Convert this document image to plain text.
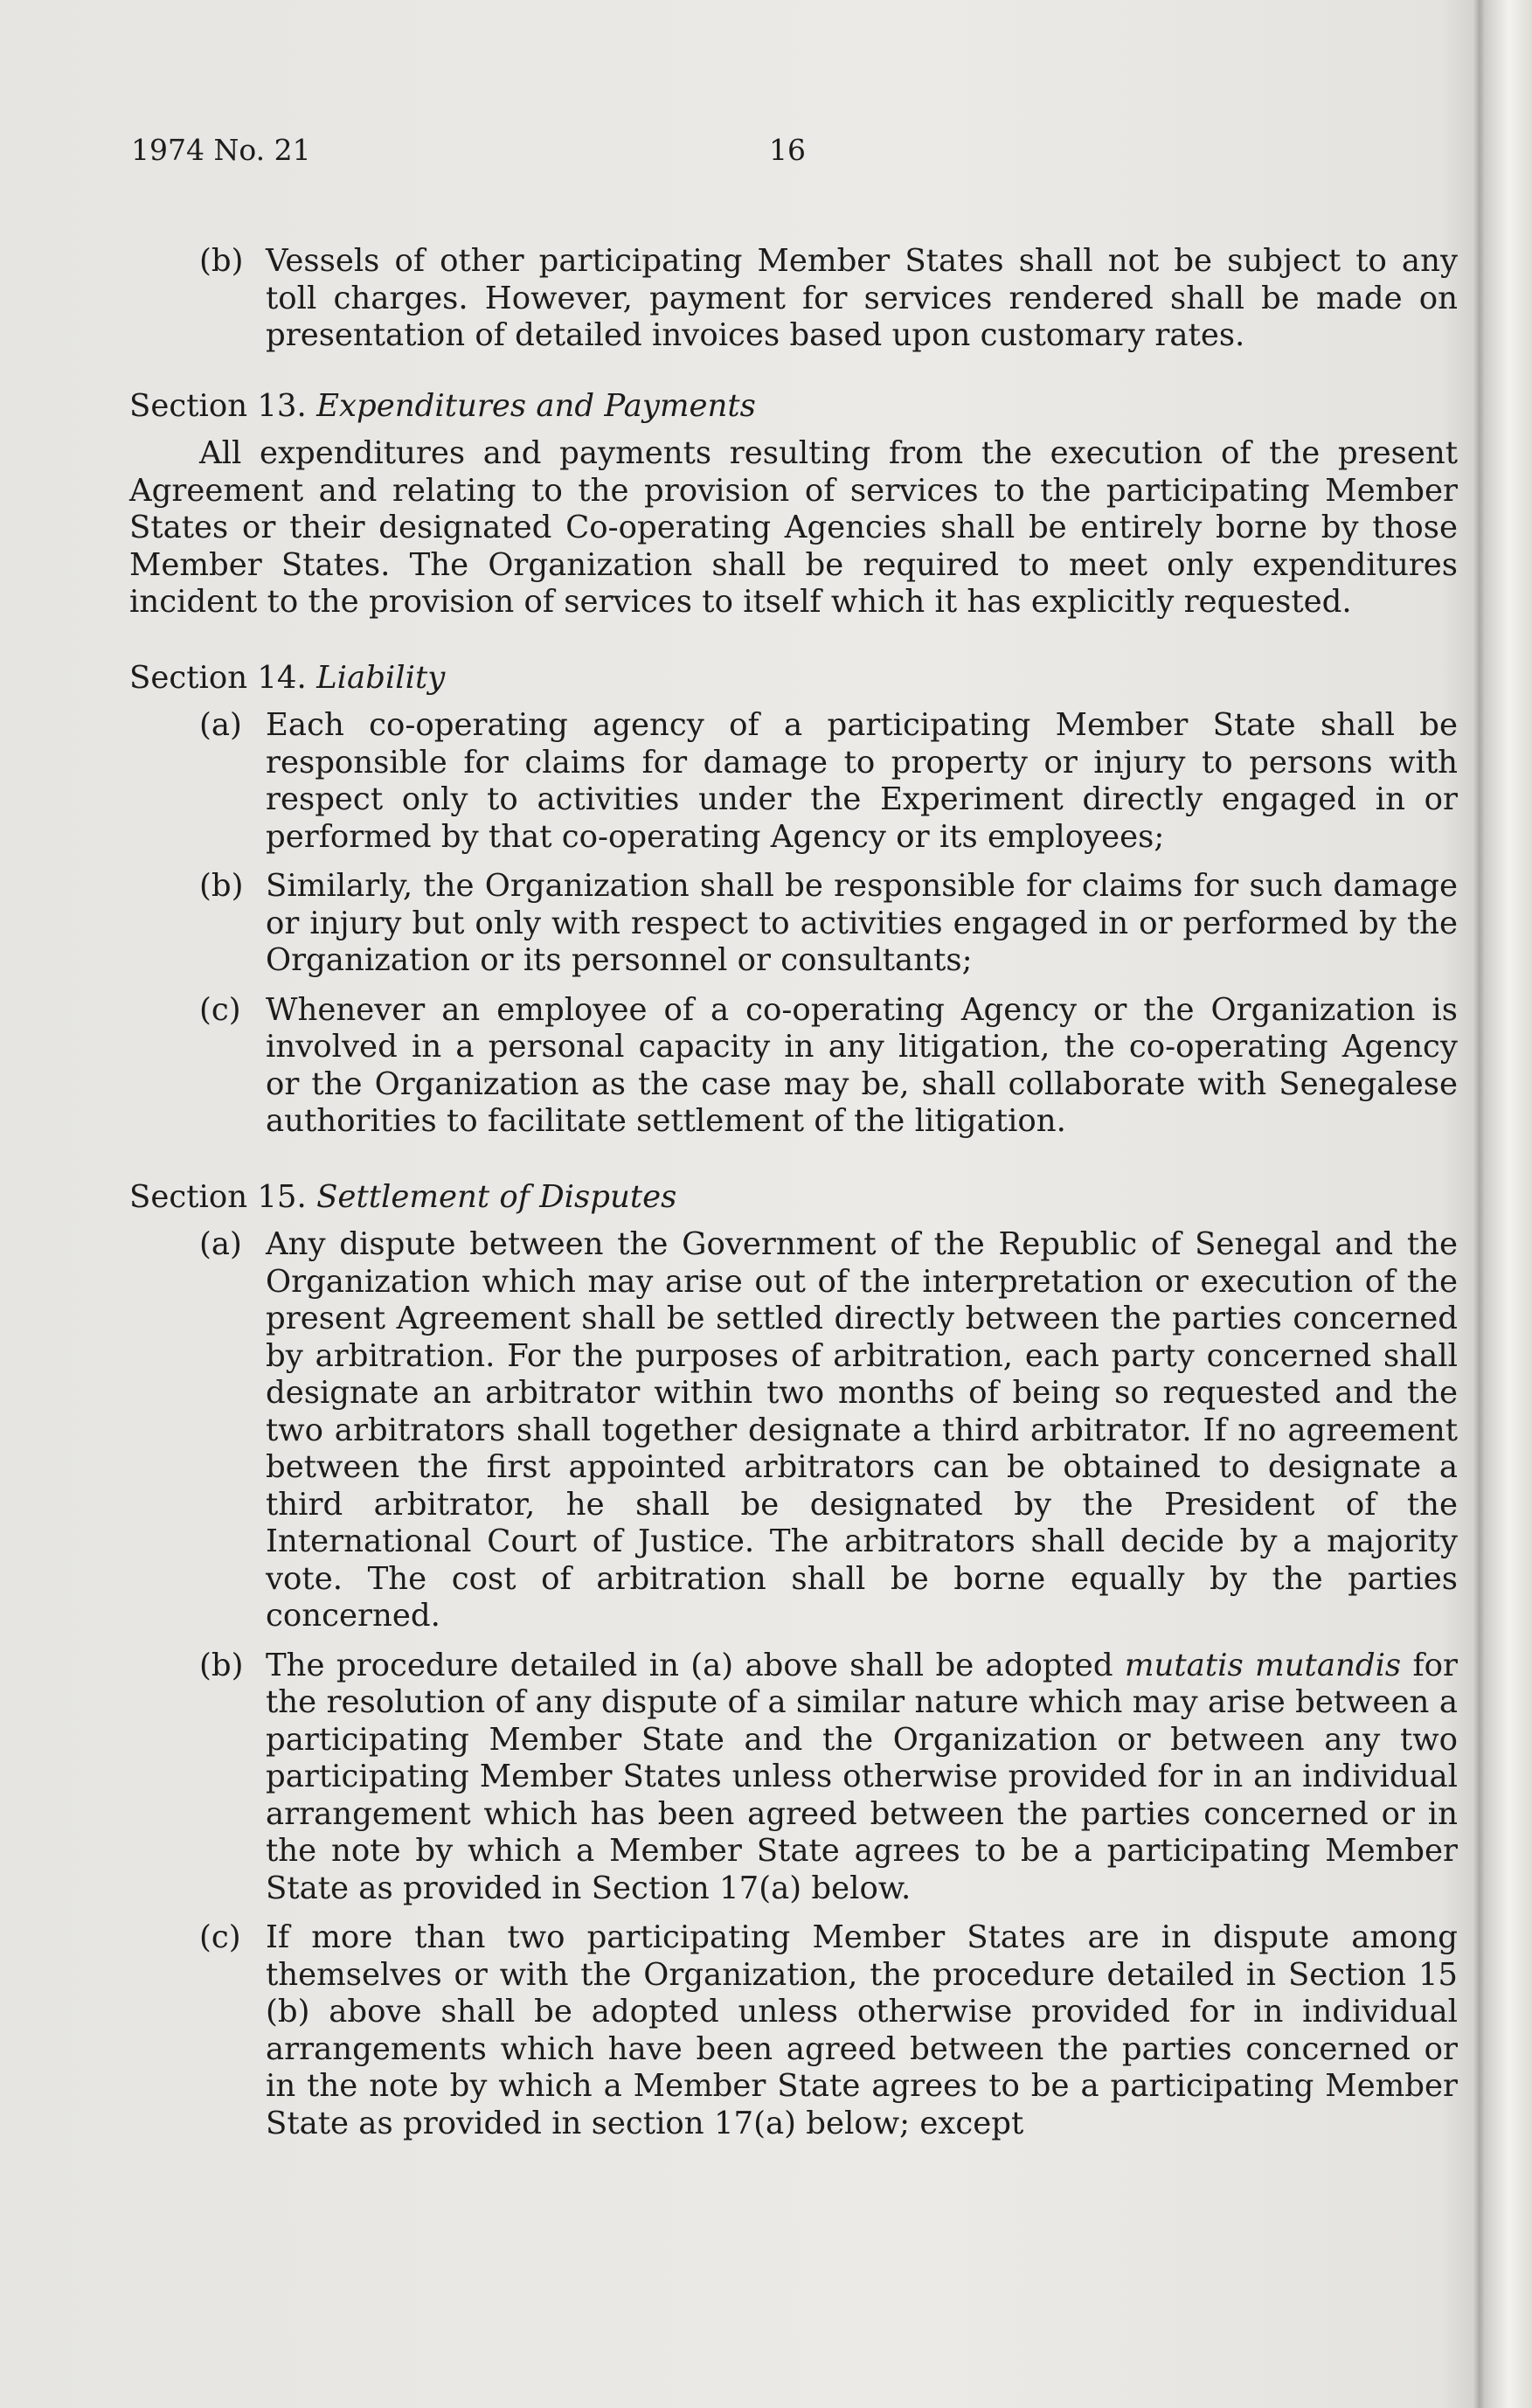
1974 No. 21	16
(b) Vessels of other participating Member States shall not be subject to any toll charges. However, payment for services rendered shall be made on presentation of detailed invoices based upon customary rates.
Section 13. Expenditures and Payments

All expenditures and payments resulting from the execution of the present Agreement and relating to the provision of services to the participating Member States or their designated Co-operating Agencies shall be entirely borne by those Member States. The Organization shall be required to meet only expenditures incident to the provision of services to itself which it has explicitly requested.

Section 14. Liability
(a) Each co-operating agency of a participating Member State shall be responsible for claims for damage to property or injury to persons with respect only to activities under the Experiment directly engaged in or performed by that co-operating Agency or its employees;
(b) Similarly, the Organization shall be responsible for claims for such damage or injury but only with respect to activities engaged in or performed by the Organization or its personnel or consultants;
(c) Whenever an employee of a co-operating Agency or the Organization is involved in a personal capacity in any litigation, the co-operating Agency or the Organization as the case may be, shall collaborate with Senegalese authorities to facilitate settlement of the litigation.
Section 15. Settlement of Disputes
(a) Any dispute between the Government of the Republic of Senegal and the Organization which may arise out of the interpretation or execution of the present Agreement shall be settled directly between the parties concerned by arbitration. For the purposes of arbitration, each party concerned shall designate an arbitrator within two months of being so requested and the two arbitrators shall together designate a third arbitrator. If no agreement between the first appointed arbitrators can be obtained to designate a third arbitrator, he shall be designated by the President of the International Court of Justice. The arbitrators shall decide by a majority vote. The cost of arbitration shall be borne equally by the parties concerned.
(b) The procedure detailed in (a) above shall be adopted mutatis mutandis for the resolution of any dispute of a similar nature which may arise between a participating Member State and the Organization or between any two participating Member States unless otherwise provided for in an individual arrangement which has been agreed between the parties concerned or in the note by which a Member State agrees to be a participating Member State as provided in Section 17(a) below.
(c) If more than two participating Member States are in dispute among themselves or with the Organization, the procedure detailed in Section 15 (b) above shall be adopted unless otherwise provided for in individual arrangements which have been agreed between the parties concerned or in the note by which a Member State agrees to be a participating Member State as provided in section 17(a) below; except
